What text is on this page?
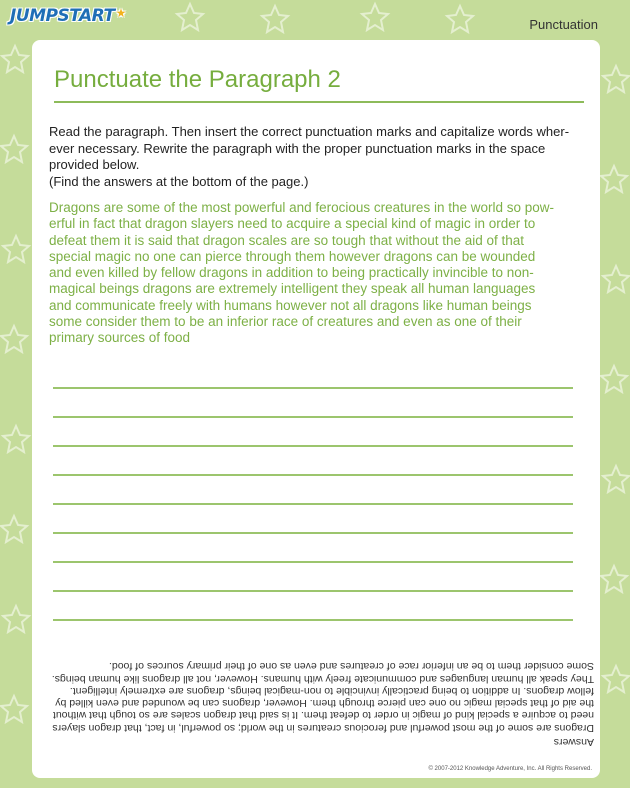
JUMPSTART★
Punctuation
Punctuate the Paragraph 2

Read the paragraph. Then insert the correct punctuation marks and capitalize words wher-

ever necessary. Rewrite the paragraph with the proper punctuation marks in the space

provided below.

(Find the answers at the bottom of the page.)

Dragons are some of the most powerful and ferocious creatures in the world so pow-
erful in fact that dragon slayers need to acquire a special kind of magic in order to
defeat them it is said that dragon scales are so tough that without the aid of that
special magic no one can pierce through them however dragons can be wounded
and even killed by fellow dragons in addition to being practically invincible to non-
magical beings dragons are extremely intelligent they speak all human languages
and communicate freely with humans however not all dragons like human beings
some consider them to be an inferior race of creatures and even as one of their
primary sources of food

Answers

Dragons are some of the most powerful and ferocious creatures in the world; so powerful, in fact, that dragon slayers
need to acquire a special kind of magic in order to defeat them. It is said that dragon scales are so tough that without
the aid of that special magic no one can pierce through them. However, dragons can be wounded and even killed by
fellow dragons. In addition to being practically invincible to non-magical beings, dragons are extremely intelligent.
They speak all human languages and communicate freely with humans. However, not all dragons like human beings.
Some consider them to be an inferior race of creatures and even as one of their primary sources of food.
© 2007-2012 Knowledge Adventure, Inc. All Rights Reserved.
